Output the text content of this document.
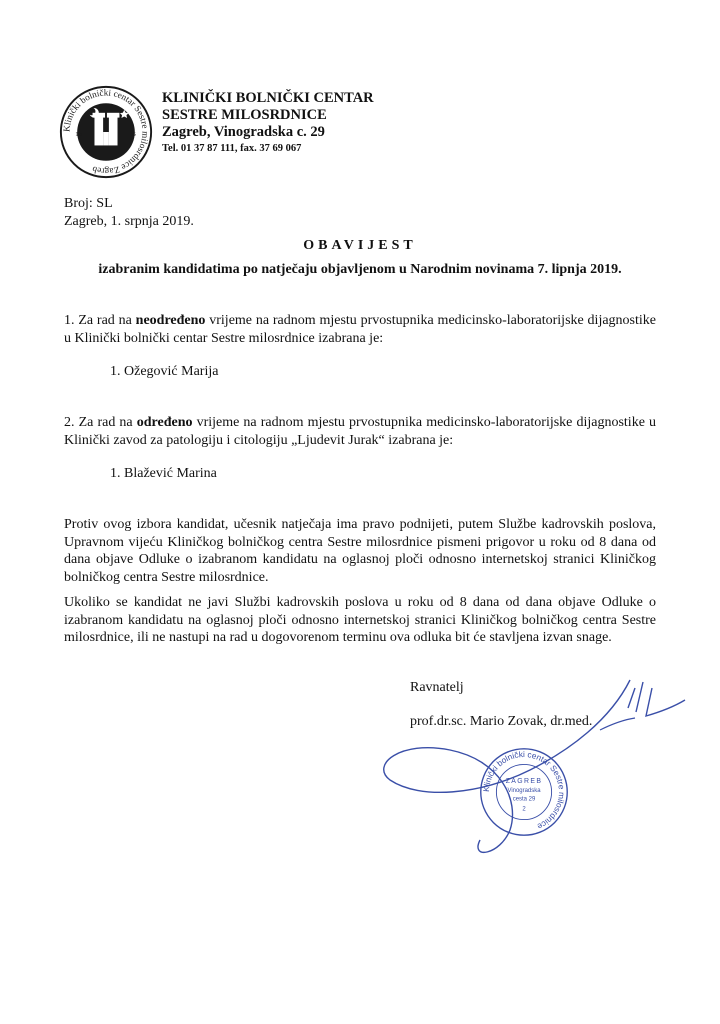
Klinički bolnički centar Sestre milosrdnice Zagreb
18	46
KLINIČKI BOLNIČKI CENTAR
SESTRE MILOSRDNICE
Zagreb, Vinogradska c. 29
Tel. 01 37 87 111, fax. 37 69 067
Broj: SL
Zagreb, 1. srpnja 2019.
OBAVIJEST
izabranim kandidatima po natječaju objavljenom u Narodnim novinama 7. lipnja 2019.
1. Za rad na neodređeno vrijeme na radnom mjestu prvostupnika medicinsko-laboratorijske dijagnostike u Klinički bolnički centar Sestre milosrdnice izabrana je:
1. Ožegović Marija
2. Za rad na određeno vrijeme na radnom mjestu prvostupnika medicinsko-laboratorijske dijagnostike u Klinički zavod za patologiju i citologiju „Ljudevit Jurak“ izabrana je:
1. Blažević Marina
Protiv ovog izbora kandidat, učesnik natječaja ima pravo podnijeti, putem Službe kadrovskih poslova, Upravnom vijeću Kliničkog bolničkog centra Sestre milosrdnice pismeni prigovor u roku od 8 dana od dana objave Odluke o izabranom kandidatu na oglasnoj ploči odnosno internetskoj stranici Kliničkog bolničkog centra Sestre milosrdnice.
Ukoliko se kandidat ne javi Službi kadrovskih poslova u roku od 8 dana od dana objave Odluke o izabranom kandidatu na oglasnoj ploči odnosno internetskoj stranici Kliničkog bolničkog centra Sestre milosrdnice, ili ne nastupi na rad u dogovorenom terminu ova odluka bit će stavljena izvan snage.
Ravnatelj
prof.dr.sc. Mario Zovak, dr.med.
Klinički bolnički centar Sestre milosrdnice
ZAGREB
Vinogradska
cesta 29
2
